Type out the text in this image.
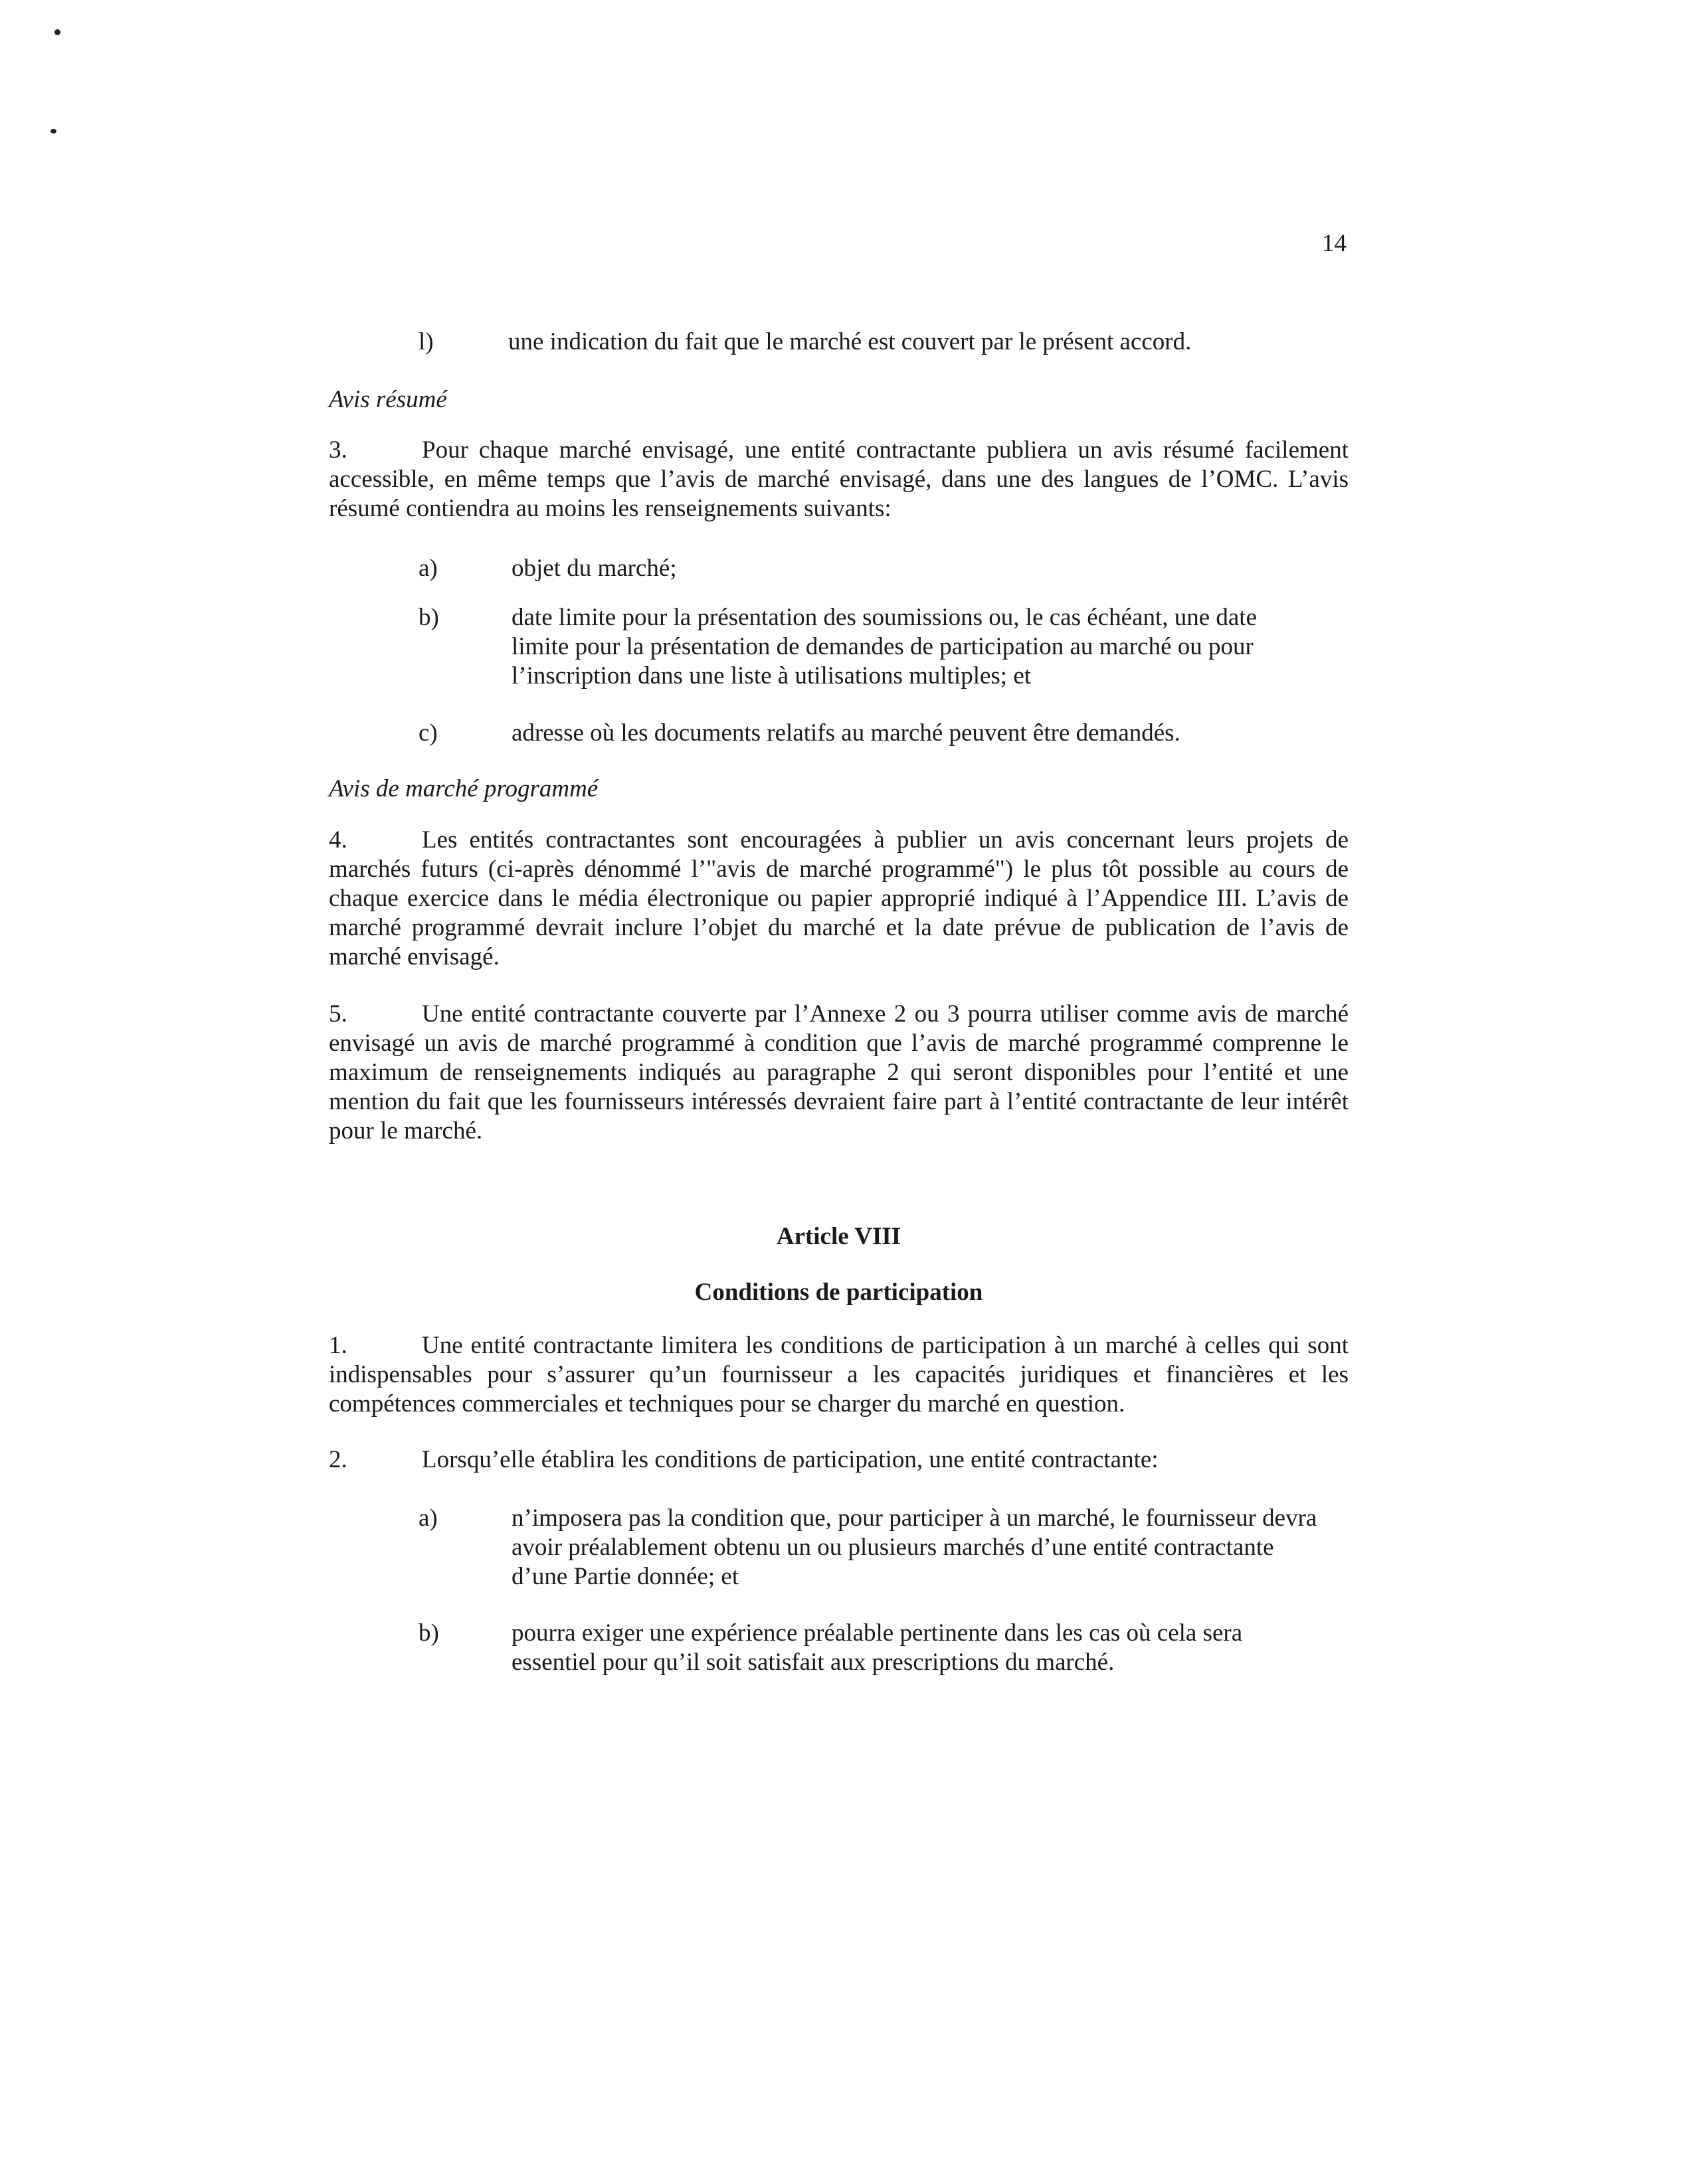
14
l)	une indication du fait que le marché est couvert par le présent accord.
Avis résumé
3.	Pour chaque marché envisagé, une entité contractante publiera un avis résumé facilement accessible, en même temps que l’avis de marché envisagé, dans une des langues de l’OMC. L’avis résumé contiendra au moins les renseignements suivants:
a)	objet du marché;
b)	date limite pour la présentation des soumissions ou, le cas échéant, une date limite pour la présentation de demandes de participation au marché ou pour l’inscription dans une liste à utilisations multiples; et
c)	adresse où les documents relatifs au marché peuvent être demandés.
Avis de marché programmé
4.	Les entités contractantes sont encouragées à publier un avis concernant leurs projets de marchés futurs (ci-après dénommé l’"avis de marché programmé") le plus tôt possible au cours de chaque exercice dans le média électronique ou papier approprié indiqué à l’Appendice III. L’avis de marché programmé devrait inclure l’objet du marché et la date prévue de publication de l’avis de marché envisagé.
5.	Une entité contractante couverte par l’Annexe 2 ou 3 pourra utiliser comme avis de marché envisagé un avis de marché programmé à condition que l’avis de marché programmé comprenne le maximum de renseignements indiqués au paragraphe 2 qui seront disponibles pour l’entité et une mention du fait que les fournisseurs intéressés devraient faire part à l’entité contractante de leur intérêt pour le marché.
Article VIII
Conditions de participation
1.	Une entité contractante limitera les conditions de participation à un marché à celles qui sont indispensables pour s’assurer qu’un fournisseur a les capacités juridiques et financières et les compétences commerciales et techniques pour se charger du marché en question.
2.	Lorsqu’elle établira les conditions de participation, une entité contractante:
a)	n’imposera pas la condition que, pour participer à un marché, le fournisseur devra avoir préalablement obtenu un ou plusieurs marchés d’une entité contractante d’une Partie donnée; et
b)	pourra exiger une expérience préalable pertinente dans les cas où cela sera essentiel pour qu’il soit satisfait aux prescriptions du marché.
